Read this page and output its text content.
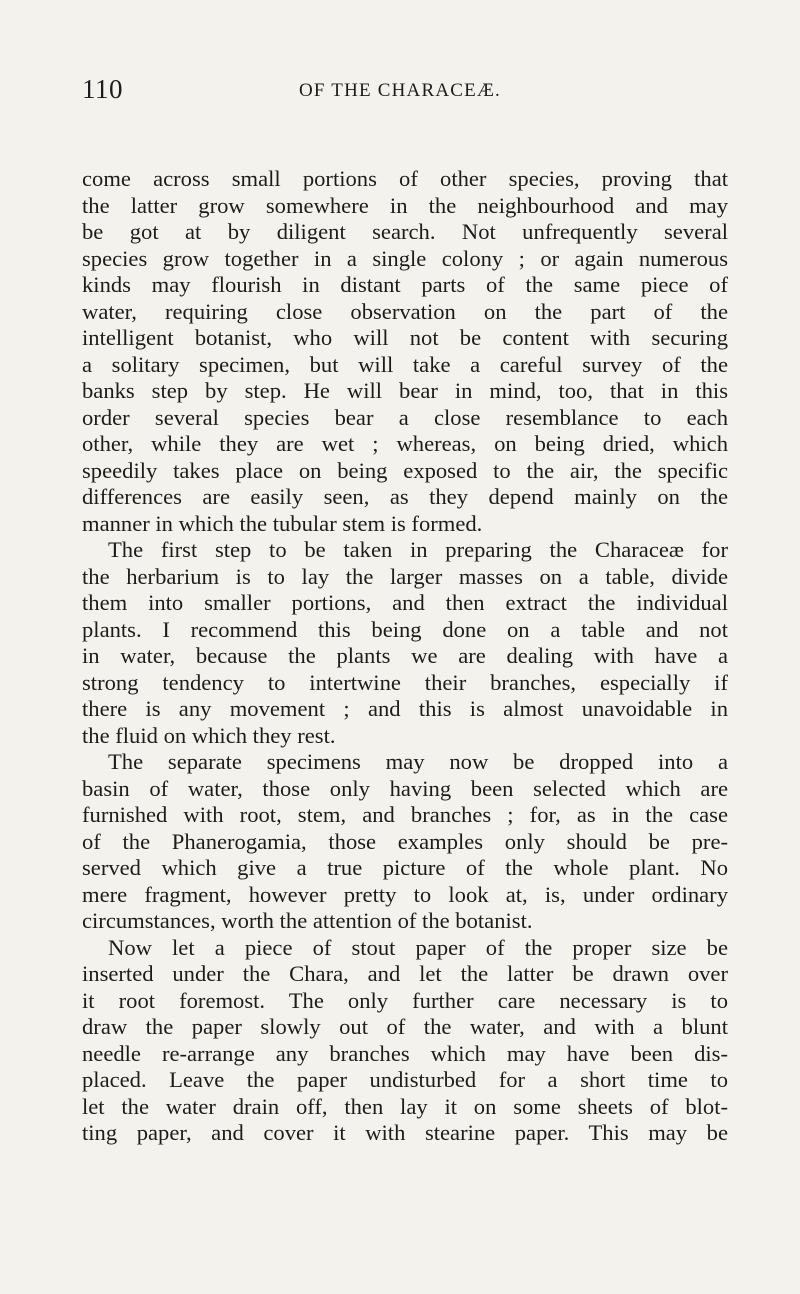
110	OF THE CHARACEÆ.
come across small portions of other species, proving that
the latter grow somewhere in the neighbourhood and may
be got at by diligent search. Not unfrequently several
species grow together in a single colony ; or again numerous
kinds may flourish in distant parts of the same piece of
water, requiring close observation on the part of the
intelligent botanist, who will not be content with securing
a solitary specimen, but will take a careful survey of the
banks step by step. He will bear in mind, too, that in this
order several species bear a close resemblance to each
other, while they are wet ; whereas, on being dried, which
speedily takes place on being exposed to the air, the specific
differences are easily seen, as they depend mainly on the
manner in which the tubular stem is formed.
The first step to be taken in preparing the Characeæ for
the herbarium is to lay the larger masses on a table, divide
them into smaller portions, and then extract the individual
plants. I recommend this being done on a table and not
in water, because the plants we are dealing with have a
strong tendency to intertwine their branches, especially if
there is any movement ; and this is almost unavoidable in
the fluid on which they rest.
The separate specimens may now be dropped into a
basin of water, those only having been selected which are
furnished with root, stem, and branches ; for, as in the case
of the Phanerogamia, those examples only should be pre-
served which give a true picture of the whole plant. No
mere fragment, however pretty to look at, is, under ordinary
circumstances, worth the attention of the botanist.
Now let a piece of stout paper of the proper size be
inserted under the Chara, and let the latter be drawn over
it root foremost. The only further care necessary is to
draw the paper slowly out of the water, and with a blunt
needle re-arrange any branches which may have been dis-
placed. Leave the paper undisturbed for a short time to
let the water drain off, then lay it on some sheets of blot-
ting paper, and cover it with stearine paper. This may be
